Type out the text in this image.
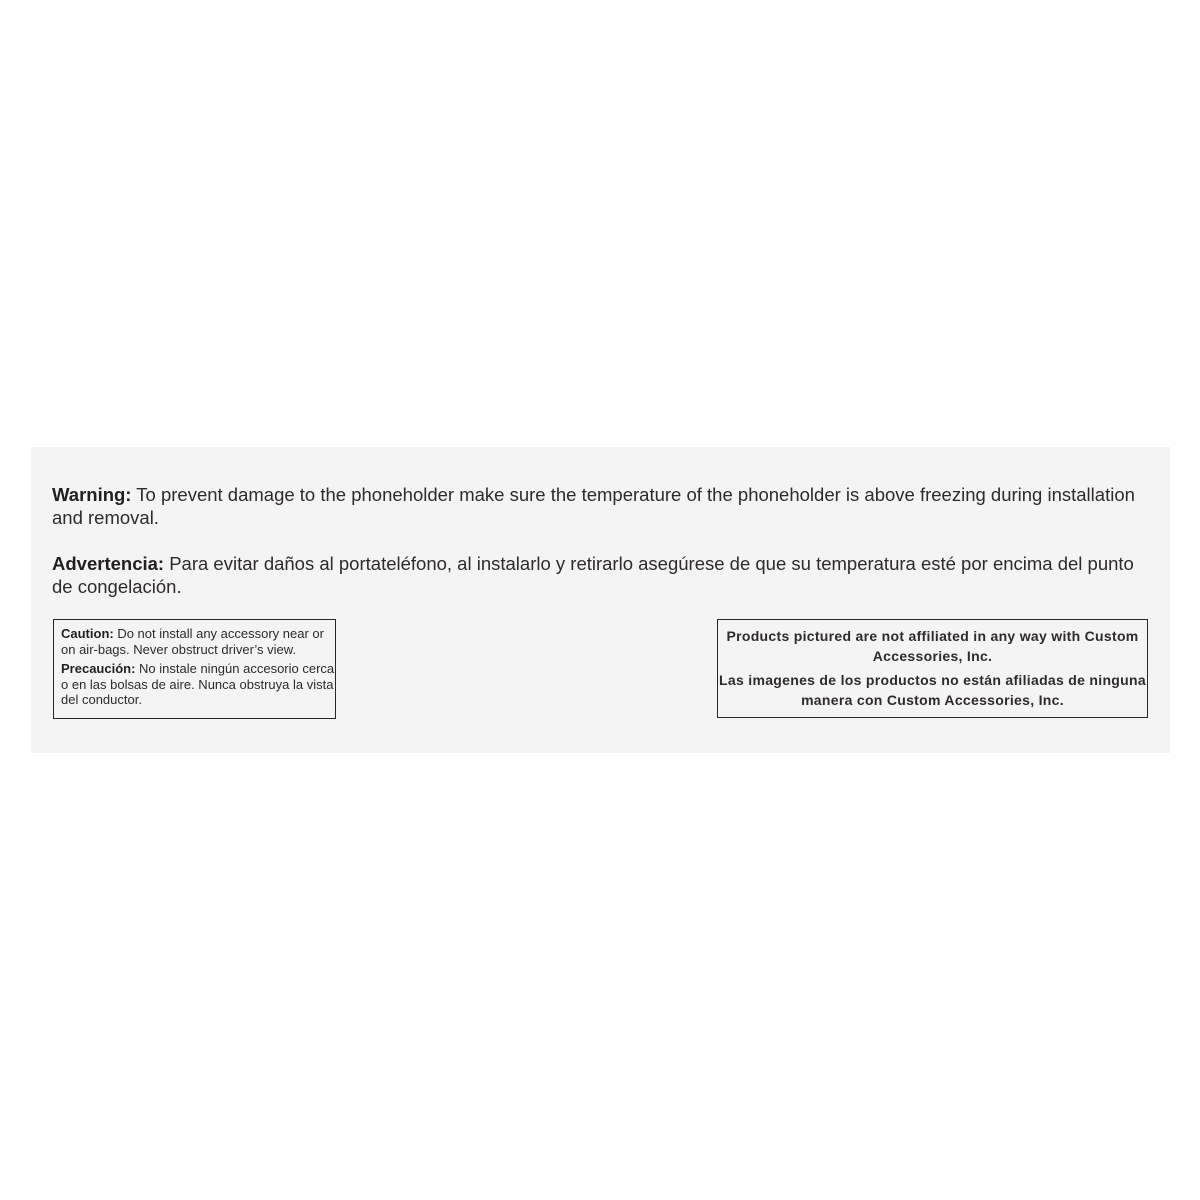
Warning: To prevent damage to the phoneholder make sure the temperature of the phoneholder is above freezing during installation and removal.

Advertencia: Para evitar daños al portateléfono, al instalarlo y retirarlo asegúrese de que su temperatura esté por encima del punto de congelación.

Caution: Do not install any accessory near or on air-bags. Never obstruct driver’s view.
Precaución: No instale ningún accesorio cerca o en las bolsas de aire. Nunca obstruya la vista del conductor.
Products pictured are not affiliated in any way with Custom Accessories, Inc.
Las imagenes de los productos no están afiliadas de ninguna manera con Custom Accessories, Inc.
